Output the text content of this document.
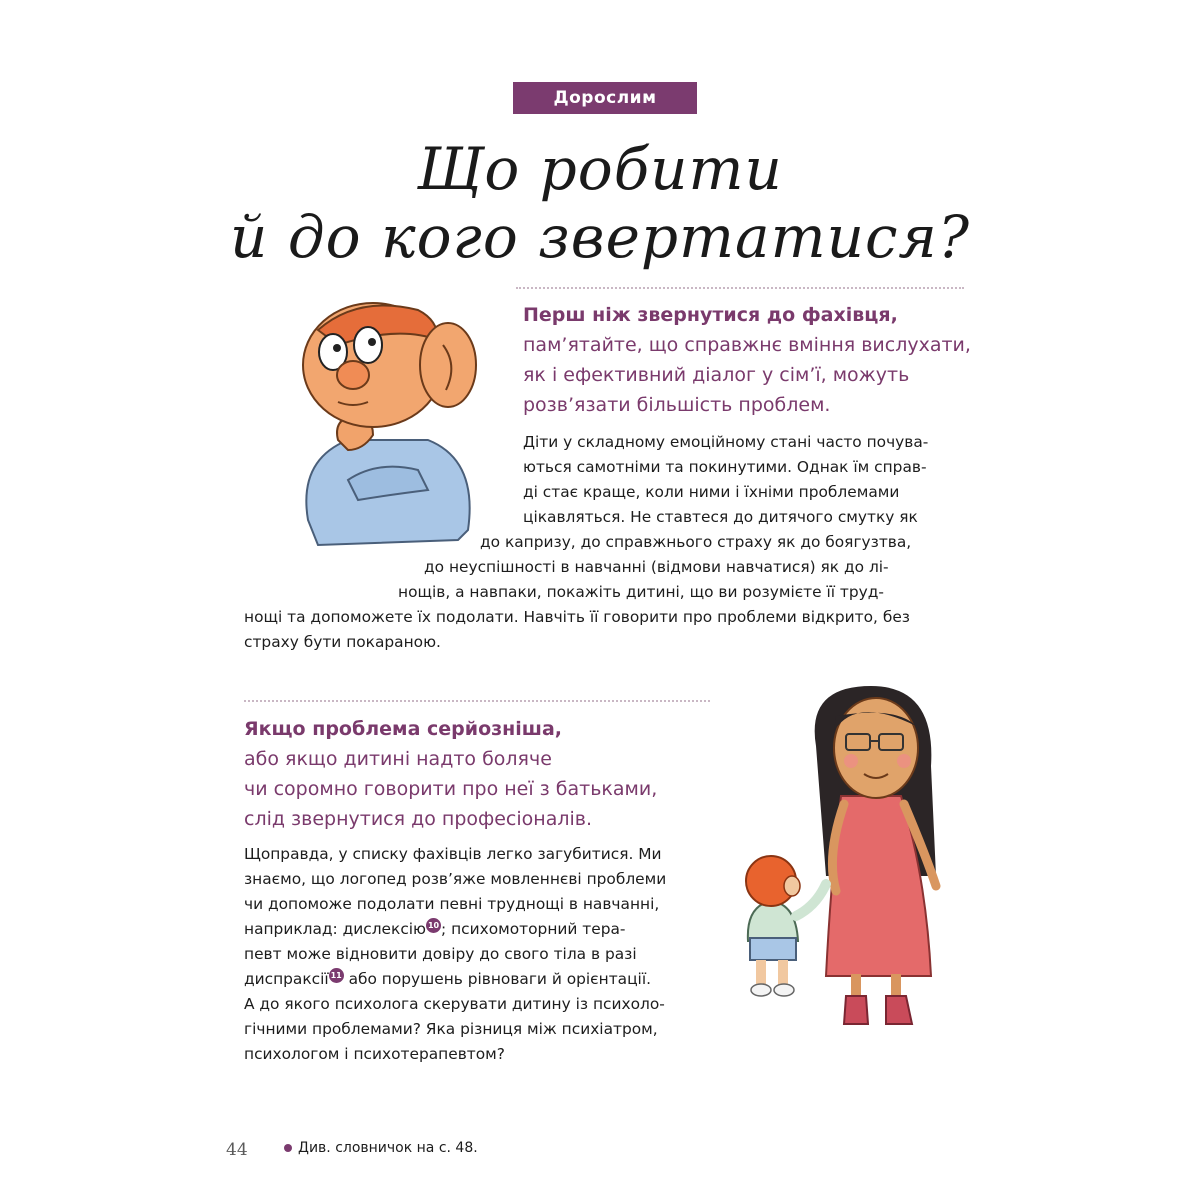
Дорослим
Що робити
й до кого звертатися?
Перш ніж звернутися до фахівця,
пам’ятайте, що справжнє вміння вислухати,
як і ефективний діалог у сім’ї, можуть
розв’язати більшість проблем.
Діти у складному емоційному стані часто почува-
ються самотніми та покинутими. Однак їм справ-
ді стає краще, коли ними і їхніми проблемами
цікавляться. Не ставтеся до дитячого смутку як
до капризу, до справжнього страху як до боягузтва,
до неуспішності в навчанні (відмови навчатися) як до лі-
нощів, а навпаки, покажіть дитині, що ви розумієте її труд-
нощі та допоможете їх подолати. Навчіть її говорити про проблеми відкрито, без
страху бути покараною.
Якщо проблема серйозніша,
або якщо дитині надто боляче
чи соромно говорити про неї з батьками,
слід звернутися до професіоналів.
Щоправда, у списку фахівців легко загубитися. Ми
знаємо, що логопед розв’яже мовленнєві проблеми
чи допоможе подолати певні труднощі в навчанні,
наприклад: дислексію 10 ; психомоторний тера-
певт може відновити довіру до свого тіла в разі
диспраксії 11 або порушень рівноваги й орієнтації.
А до якого психолога скерувати дитину із психоло-
гічними проблемами? Яка різниця між психіатром,
психологом і психотерапевтом?
44	Див. словничок на с. 48.
